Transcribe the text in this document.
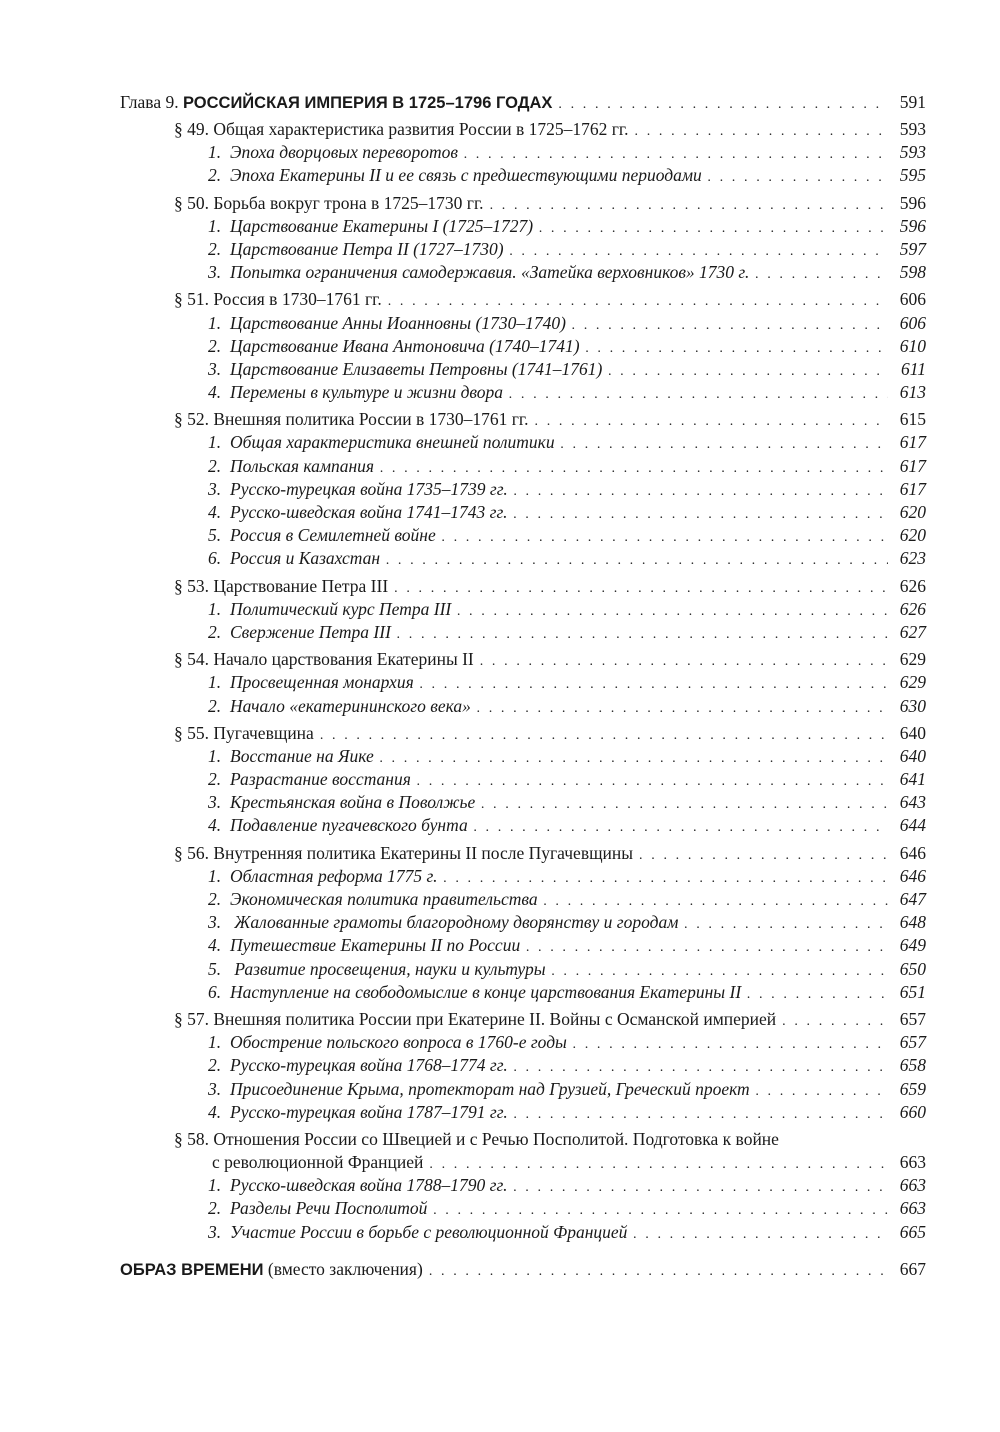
Глава 9. РОССИЙСКАЯ ИМПЕРИЯ В 1725–1796 ГОДАХ . . .	591
§ 49. Общая характеристика развития России в 1725–1762 гг. . . .	593
1. Эпоха дворцовых переворотов . . .	593
2. Эпоха Екатерины II и ее связь с предшествующими периодами . . .	595
§ 50. Борьба вокруг трона в 1725–1730 гг. . . .	596
1. Царствование Екатерины I (1725–1727) . . .	596
2. Царствование Петра II (1727–1730) . . .	597
3. Попытка ограничения самодержавия. «Затейка верховников» 1730 г. . . .	598
§ 51. Россия в 1730–1761 гг. . . .	606
1. Царствование Анны Иоанновны (1730–1740) . . .	606
2. Царствование Ивана Антоновича (1740–1741) . . .	610
3. Царствование Елизаветы Петровны (1741–1761) . . .	611
4. Перемены в культуре и жизни двора . . .	613
§ 52. Внешняя политика России в 1730–1761 гг. . . .	615
1. Общая характеристика внешней политики . . .	617
2. Польская кампания . . .	617
3. Русско-турецкая война 1735–1739 гг. . . .	617
4. Русско-шведская война 1741–1743 гг. . . .	620
5. Россия в Семилетней войне . . .	620
6. Россия и Казахстан . . .	623
§ 53. Царствование Петра III . . .	626
1. Политический курс Петра III . . .	626
2. Свержение Петра III . . .	627
§ 54. Начало царствования Екатерины II . . .	629
1. Просвещенная монархия . . .	629
2. Начало «екатерининского века» . . .	630
§ 55. Пугачевщина . . .	640
1. Восстание на Яике . . .	640
2. Разрастание восстания . . .	641
3. Крестьянская война в Поволжье . . .	643
4. Подавление пугачевского бунта . . .	644
§ 56. Внутренняя политика Екатерины II после Пугачевщины . . .	646
1. Областная реформа 1775 г. . . .	646
2. Экономическая политика правительства . . .	647
3. Жалованные грамоты благородному дворянству и городам . . .	648
4. Путешествие Екатерины II по России . . .	649
5. Развитие просвещения, науки и культуры . . .	650
6. Наступление на свободомыслие в конце царствования Екатерины II . . .	651
§ 57. Внешняя политика России при Екатерине II. Войны с Османской империей . . .	657
1. Обострение польского вопроса в 1760-е годы . . .	657
2. Русско-турецкая война 1768–1774 гг. . . .	658
3. Присоединение Крыма, протекторат над Грузией, Греческий проект . . .	659
4. Русско-турецкая война 1787–1791 гг. . . .	660
§ 58. Отношения России со Швецией и с Речью Посполитой. Подготовка к войне
с революционной Францией . . .	663
1. Русско-шведская война 1788–1790 гг. . . .	663
2. Разделы Речи Посполитой . . .	663
3. Участие России в борьбе с революционной Францией . . .	665
ОБРАЗ ВРЕМЕНИ (вместо заключения) . . .	667
